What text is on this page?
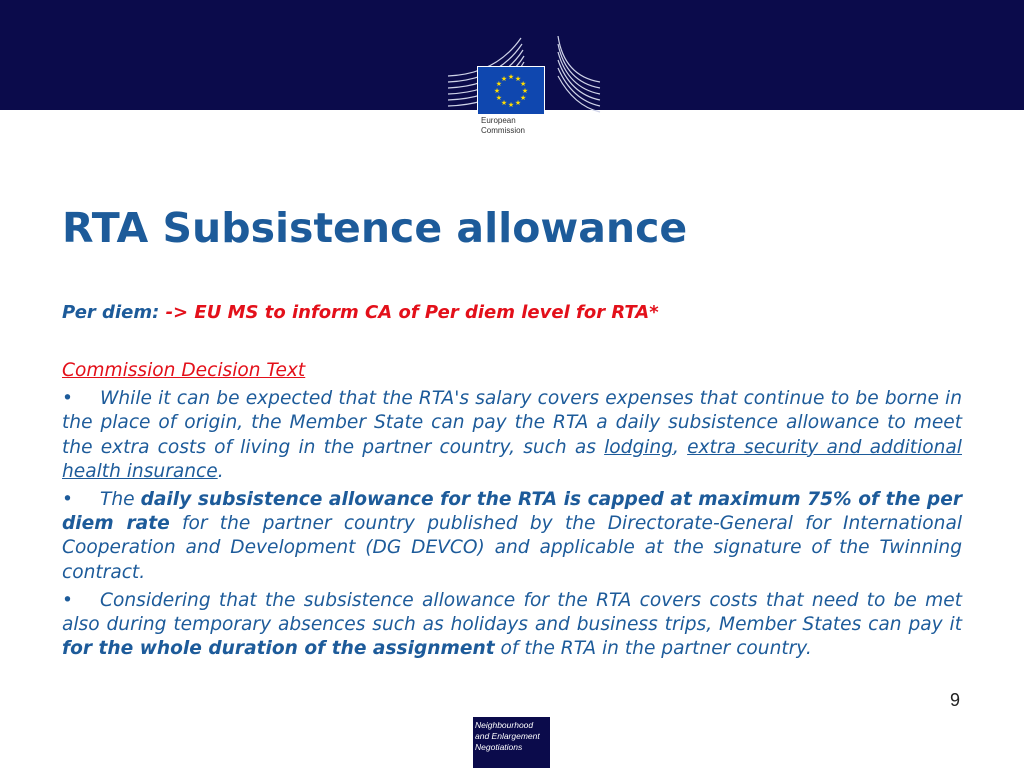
★ ★
★
★
★
★
★
★
★
★
★
★
European Commission
RTA Subsistence allowance
Per diem: -> EU MS to inform CA of Per diem level for RTA*

Commission Decision Text

• While it can be expected that the RTA's salary covers expenses that continue to be borne in the place of origin, the Member State can pay the RTA a daily subsistence allowance to meet the extra costs of living in the partner country, such as lodging, extra security and additional health insurance.

• The daily subsistence allowance for the RTA is capped at maximum 75% of the per diem rate for the partner country published by the Directorate-General for International Cooperation and Development (DG DEVCO) and applicable at the signature of the Twinning contract.

• Considering that the subsistence allowance for the RTA covers costs that need to be met also during temporary absences such as holidays and business trips, Member States can pay it for the whole duration of the assignment of the RTA in the partner country.

9
Neighbourhood and Enlargement Negotiations
